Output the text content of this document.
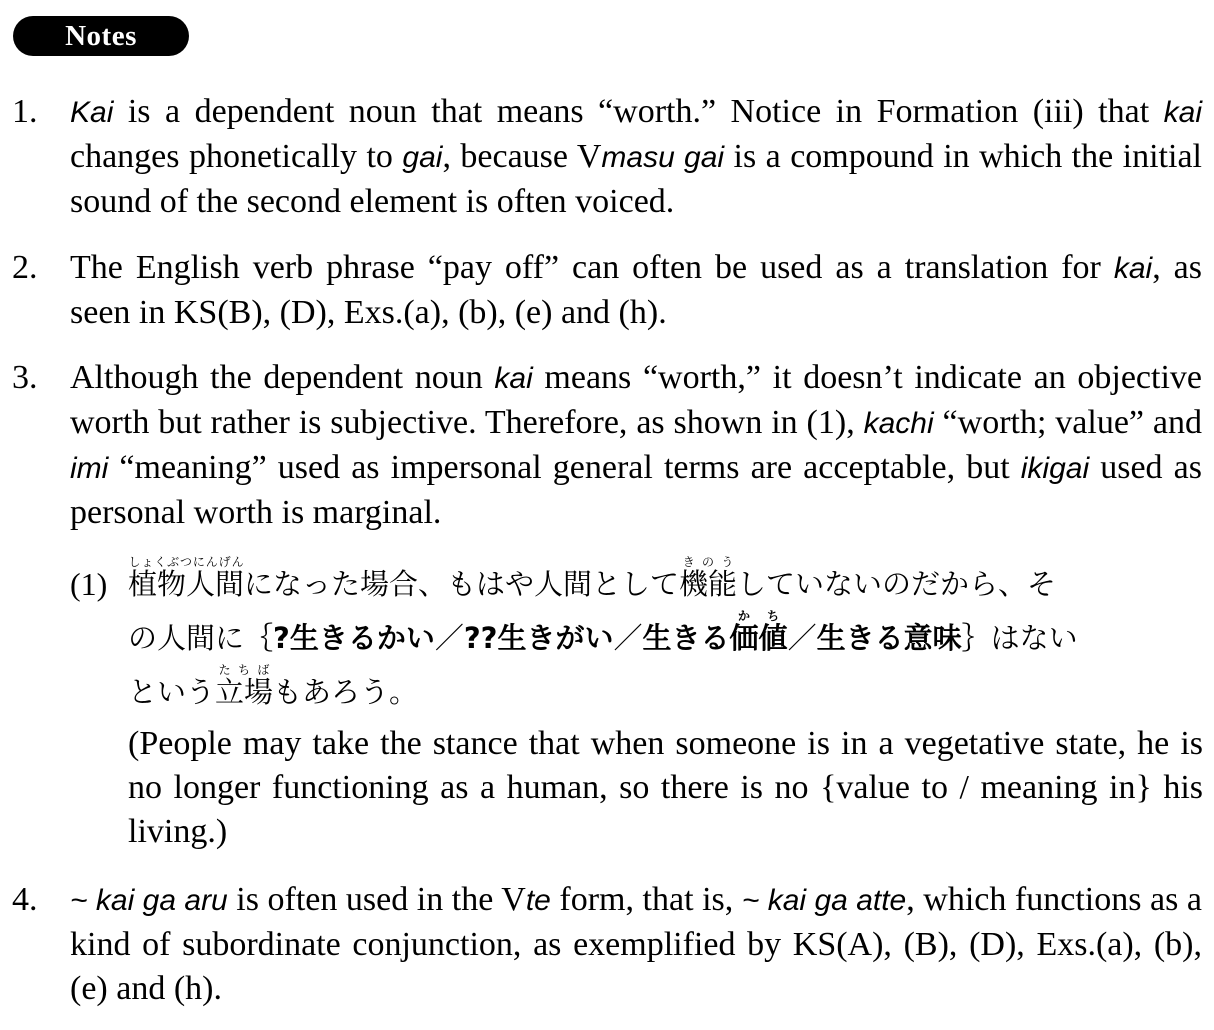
Notes
1. Kai is a dependent noun that means “worth.” Notice in Formation (iii) that kai changes phonetically to gai, because Vmasu gai is a compound in which the initial sound of the second element is often voiced.
2. The English verb phrase “pay off” can often be used as a translation for kai, as seen in KS(B), (D), Exs.(a), (b), (e) and (h).
3. Although the dependent noun kai means “worth,” it doesn’t indicate an objective worth but rather is subjective. Therefore, as shown in (1), kachi “worth; value” and imi “meaning” used as impersonal general terms are acceptable, but ikigai used as personal worth is marginal.
(1) 植物人間しょくぶつにんげんになった場合、もはや人間として機能きのうしていないのだから、そ
の人間に｛?生きるかい／??生きがい／生きる価値かち／生きる意味｝はない
という立場たちばもあろう。
(People may take the stance that when someone is in a vegetative state, he is no longer functioning as a human, so there is no {value to / meaning in} his living.)
4. ~ kai ga aru is often used in the Vte form, that is, ~ kai ga atte, which functions as a kind of subordinate conjunction, as exemplified by KS(A), (B), (D), Exs.(a), (b), (e) and (h).
